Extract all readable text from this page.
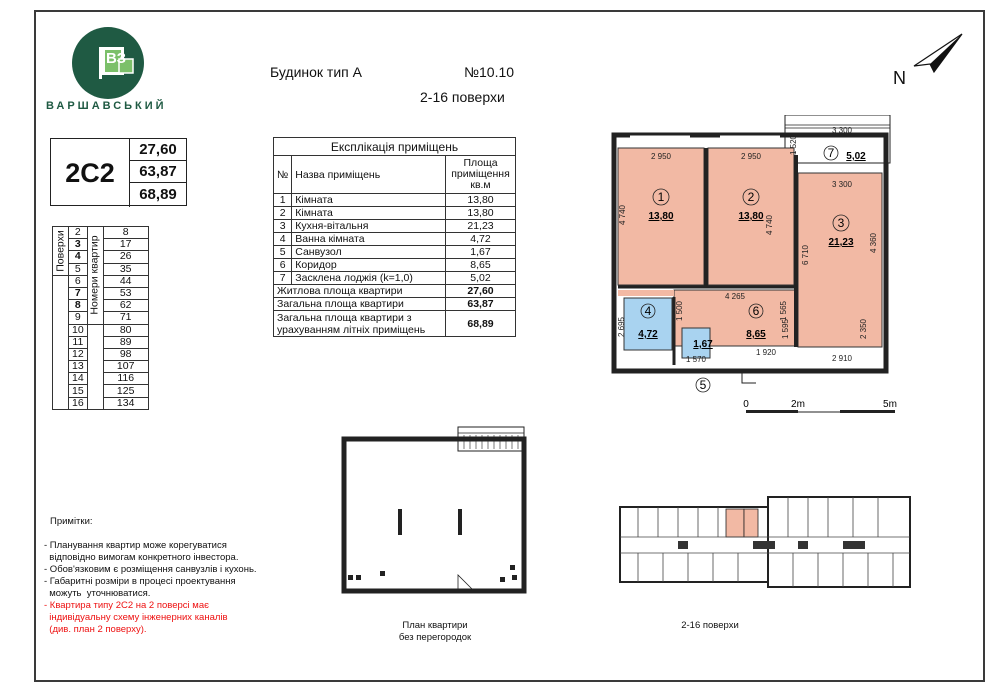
ВЗ
ВАРШАВСЬКИЙ
Будинок тип А	№10.10
2-16 поверхи
N
2С2
27,60
63,87
68,89
Поверхи	2	Номери квартир	8
	3		17
	4		26
	5		35
	6		44
	7		53
	8		62
	9		71
	10		80
	11		89
	12		98
	13		107
	14		116
	15		125
	16		134
Експлікація приміщень		
№	Назва приміщень	Площа приміщення кв.м
1	Кімната	13,80
2	Кімната	13,80
3	Кухня-вітальня	21,23
4	Ванна кімната	4,72
5	Санвузол	1,67
6	Коридор	8,65
7	Засклена лоджія (k=1,0)	5,02
Житлова площа квартири		27,60
Загальна площа квартири		63,87
Загальна площа квартири з урахуванням літніх приміщень		68,89
1
13,80
2
13,80	3
21,23
4
4,72
5
1,67
6
8,65
7 5,02
2 950	2 950
3 300
3 300
4 740	4 740
4 265
6 710
4 360
1 520
2 910
1 920
1 500
2 695	2 350
1 595
1 570
1 565
0	2m	5m
План квартири
без перегородок
2-16 поверхи
Примітки:
- Планування квартир може корегуватися
відповідно вимогам конкретного інвестора.
- Обов'язковим є розміщення санвузлів і кухонь.
- Габаритні розміри в процесі проектування
можуть  уточнюватися.
- Квартира типу 2С2 на 2 поверсі має
індивідуальну схему інженерних каналів
(див. план 2 поверху).
